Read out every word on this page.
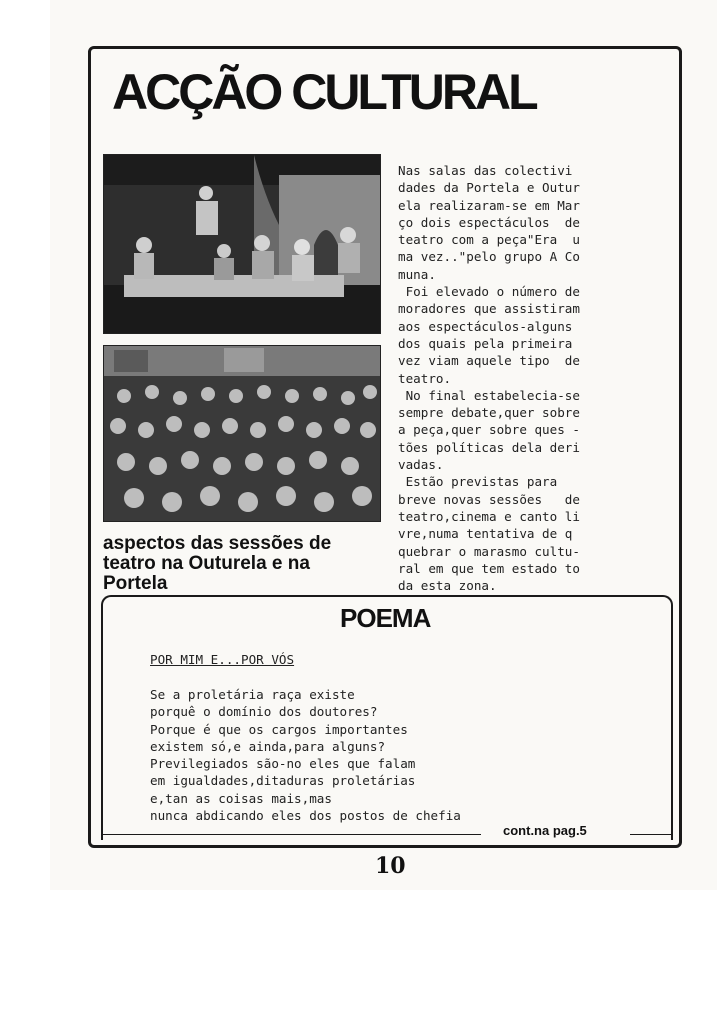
ACÇÃO CULTURAL
aspectos das sessões de
teatro na Outurela e na
Portela
Nas salas das colectivi
dades da Portela e Outur
ela realizaram-se em Mar
ço dois espectáculos  de
teatro com a peça"Era  u
ma vez.."pelo grupo A Co
muna.
Foi elevado o número de
moradores que assistiram
aos espectáculos-alguns
dos quais pela primeira
vez viam aquele tipo  de
teatro.
No final estabelecia-se
sempre debate,quer sobre
a peça,quer sobre ques -
tões políticas dela deri
vadas.
Estão previstas para
breve novas sessões   de
teatro,cinema e canto li
vre,numa tentativa de q
quebrar o marasmo cultu-
ral em que tem estado to
da esta zona.
POEMA
POR MIM E...POR VÓS
Se a proletária raça existe
porquê o domínio dos doutores?
Porque é que os cargos importantes
existem só,e ainda,para alguns?
Previlegiados são-no eles que falam
em igualdades,ditaduras proletárias
e,tan as coisas mais,mas
nunca abdicando eles dos postos de chefia
cont.na pag.5
10
